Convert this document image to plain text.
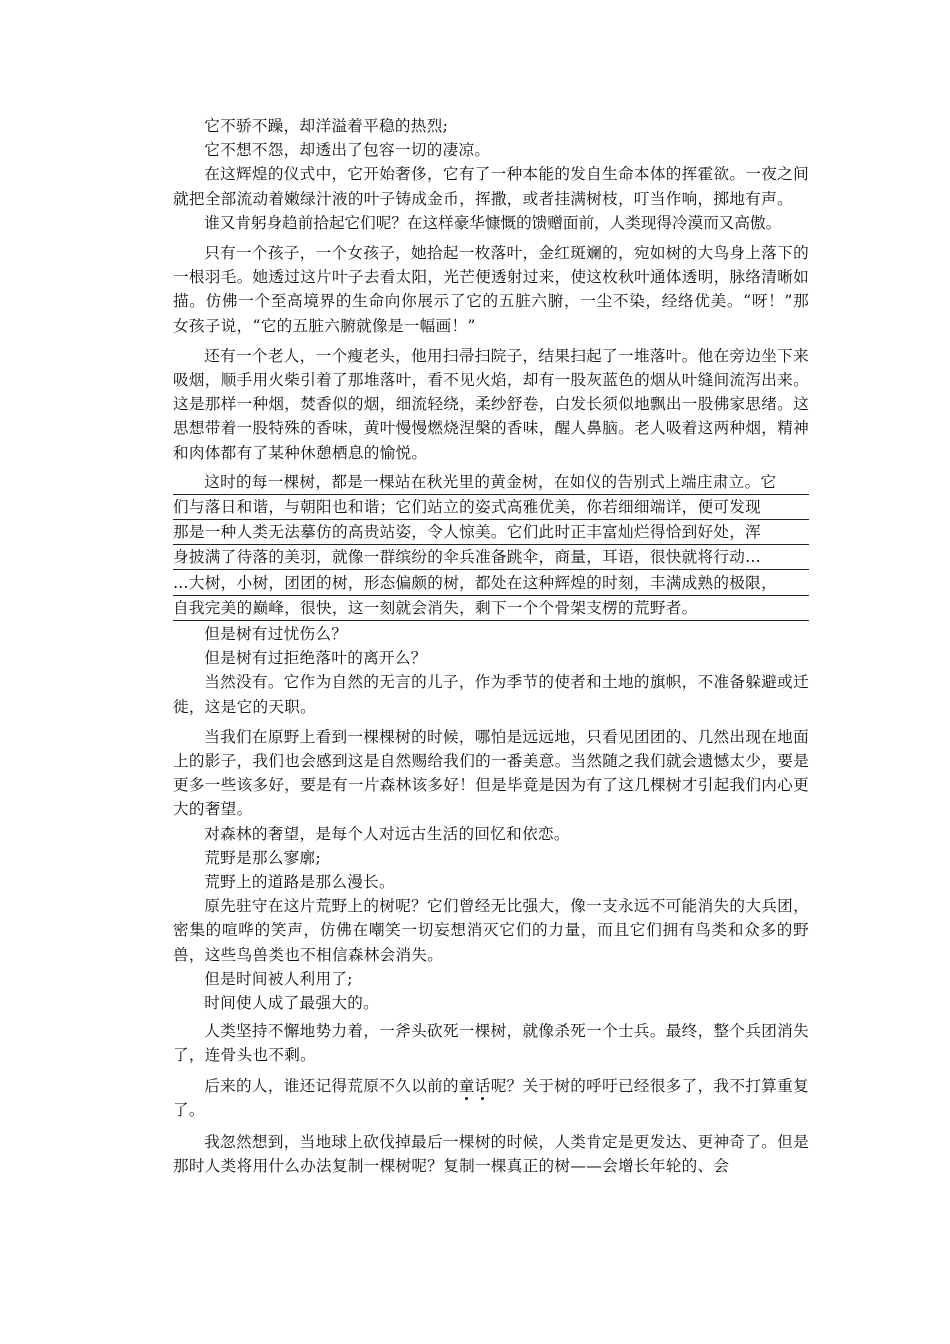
它不骄不躁，却洋溢着平稳的热烈;

它不想不怨，却透出了包容一切的凄凉。

在这辉煌的仪式中，它开始奢侈，它有了一种本能的发自生命本体的挥霍欲。一夜之间就把全部流动着嫩绿汁液的叶子铸成金币，挥撒，或者挂满树枝，叮当作响，掷地有声。

谁又肯躬身趋前拾起它们呢？在这样豪华慷慨的馈赠面前，人类现得冷漠而又高傲。

只有一个孩子，一个女孩子，她拾起一枚落叶，金红斑斓的，宛如树的大鸟身上落下的一根羽毛。她透过这片叶子去看太阳，光芒便透射过来，使这枚秋叶通体透明，脉络清晰如描。仿佛一个至高境界的生命向你展示了它的五脏六腑，一尘不染，经络优美。“呀！”那女孩子说，“它的五脏六腑就像是一幅画！”

还有一个老人，一个瘦老头，他用扫帚扫院子，结果扫起了一堆落叶。他在旁边坐下来吸烟，顺手用火柴引着了那堆落叶，看不见火焰，却有一股灰蓝色的烟从叶缝间流泻出来。这是那样一种烟，焚香似的烟，细流轻绕，柔纱舒卷，白发长须似地飘出一股佛家思绪。这思想带着一股特殊的香味，黄叶慢慢燃烧涅槃的香味，醒人鼻脑。老人吸着这两种烟，精神和肉体都有了某种休憩栖息的愉悦。

这时的每一棵树，都是一棵站在秋光里的黄金树，在如仪的告别式上端庄肃立。它
们与落日和谐，与朝阳也和谐；它们站立的姿式高雅优美，你若细细端详，便可发现
那是一种人类无法摹仿的高贵站姿，令人惊美。它们此时正丰富灿烂得恰到好处，浑
身披满了待落的美羽，就像一群缤纷的伞兵准备跳伞，商量，耳语，很快就将行动…
…大树，小树，团团的树，形态偏颇的树，都处在这种辉煌的时刻，丰满成熟的极限，
自我完美的巅峰，很快，这一刻就会消失，剩下一个个骨架支楞的荒野者。

但是树有过忧伤么？

但是树有过拒绝落叶的离开么？

当然没有。它作为自然的无言的儿子，作为季节的使者和土地的旗帜，不准备躲避或迁徙，这是它的天职。

当我们在原野上看到一棵棵树的时候，哪怕是远远地，只看见团团的、几然出现在地面上的影子，我们也会感到这是自然赐给我们的一番美意。当然随之我们就会遗憾太少，要是更多一些该多好，要是有一片森林该多好！但是毕竟是因为有了这几棵树才引起我们内心更大的奢望。

对森林的奢望，是每个人对远古生活的回忆和依恋。

荒野是那么寥廓;

荒野上的道路是那么漫长。

原先驻守在这片荒野上的树呢？它们曾经无比强大，像一支永远不可能消失的大兵团，密集的喧哗的笑声，仿佛在嘲笑一切妄想消灭它们的力量，而且它们拥有鸟类和众多的野兽，这些鸟兽类也不相信森林会消失。

但是时间被人利用了;

时间使人成了最强大的。

人类坚持不懈地势力着，一斧头砍死一棵树，就像杀死一个士兵。最终，整个兵团消失了，连骨头也不剩。

后来的人，谁还记得荒原不久以前的童话呢？关于树的呼吁已经很多了，我不打算重复了。

我忽然想到，当地球上砍伐掉最后一棵树的时候，人类肯定是更发达、更神奇了。但是那时人类将用什么办法复制一棵树呢？复制一棵真正的树——会增长年轮的、会
